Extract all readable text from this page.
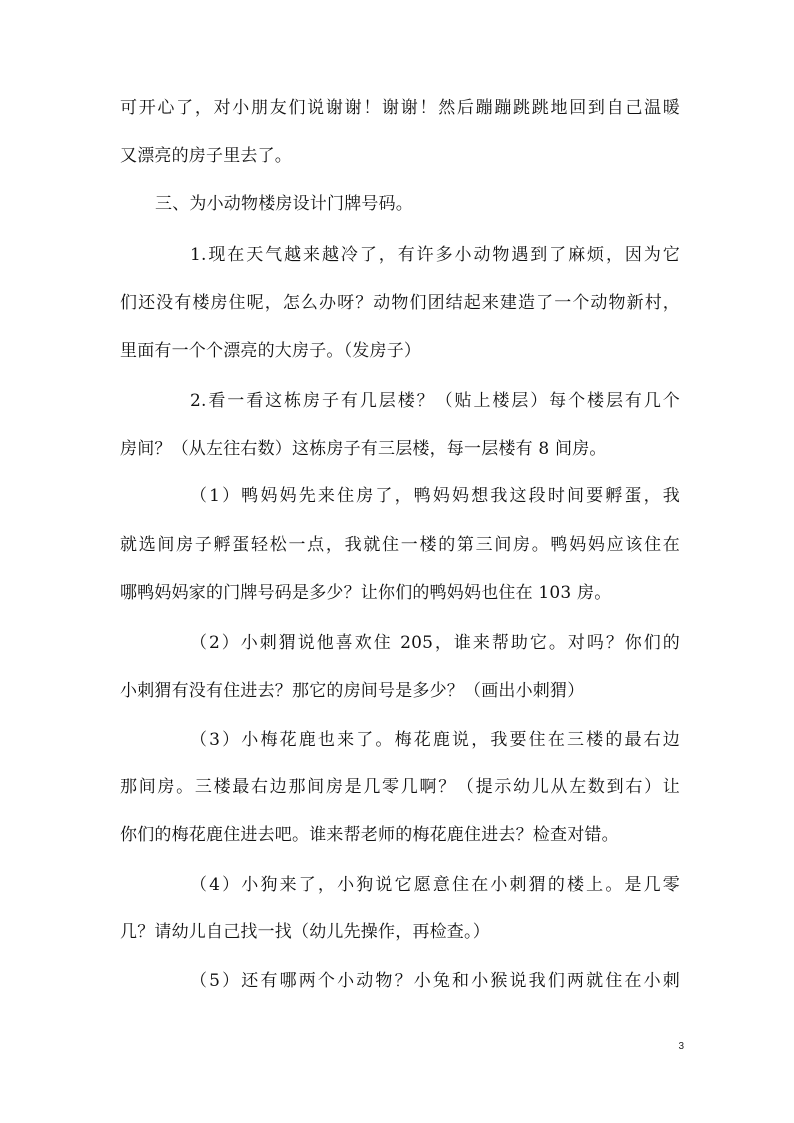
可开心了，对小朋友们说谢谢！谢谢！然后蹦蹦跳跳地回到自己温暖
又漂亮的房子里去了。
三、为小动物楼房设计门牌号码。
1.现在天气越来越冷了，有许多小动物遇到了麻烦，因为它
们还没有楼房住呢，怎么办呀？动物们团结起来建造了一个动物新村，
里面有一个个漂亮的大房子。（发房子）
2.看一看这栋房子有几层楼？（贴上楼层）每个楼层有几个
房间？（从左往右数）这栋房子有三层楼，每一层楼有 8 间房。
（1）鸭妈妈先来住房了，鸭妈妈想我这段时间要孵蛋，我
就选间房子孵蛋轻松一点，我就住一楼的第三间房。鸭妈妈应该住在
哪鸭妈妈家的门牌号码是多少？让你们的鸭妈妈也住在 103 房。
（2）小刺猬说他喜欢住 205，谁来帮助它。对吗？你们的
小刺猬有没有住进去？那它的房间号是多少？（画出小刺猬）
（3）小梅花鹿也来了。梅花鹿说，我要住在三楼的最右边
那间房。三楼最右边那间房是几零几啊？（提示幼儿从左数到右）让
你们的梅花鹿住进去吧。谁来帮老师的梅花鹿住进去？检查对错。
（4）小狗来了，小狗说它愿意住在小刺猬的楼上。是几零
几？请幼儿自己找一找（幼儿先操作，再检查。）
（5）还有哪两个小动物？小兔和小猴说我们两就住在小刺
3
